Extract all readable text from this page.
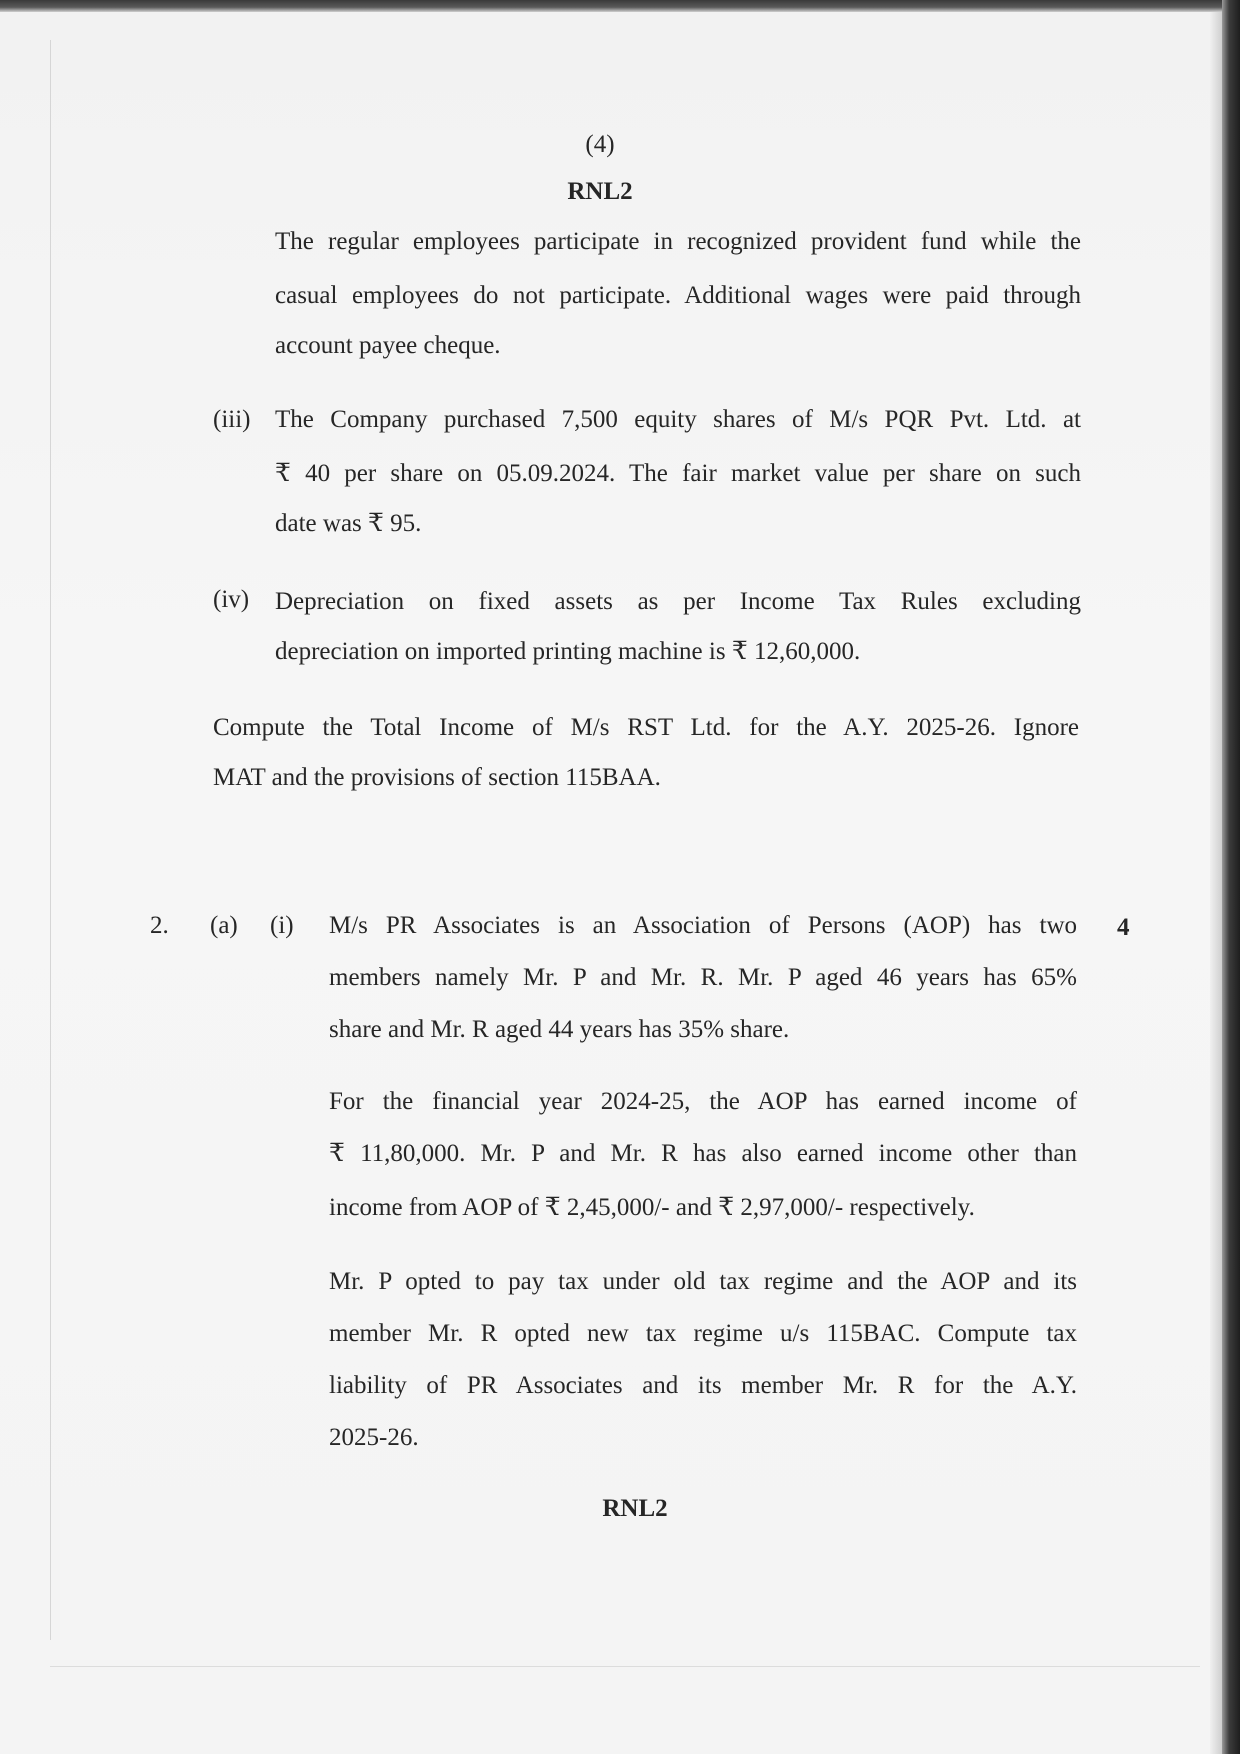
(4)
RNL2
The regular employees participate in recognized provident fund while the
casual employees do not participate. Additional wages were paid through
account payee cheque.
(iii) The Company purchased 7,500 equity shares of M/s PQR Pvt. Ltd. at
₹ 40 per share on 05.09.2024. The fair market value per share on such
date was ₹ 95.
(iv) Depreciation on fixed assets as per Income Tax Rules excluding
depreciation on imported printing machine is ₹ 12,60,000.
Compute the Total Income of M/s RST Ltd. for the A.Y. 2025-26. Ignore
MAT and the provisions of section 115BAA.
2. (a) (i)	4
M/s PR Associates is an Association of Persons (AOP) has two
members namely Mr. P and Mr. R. Mr. P aged 46 years has 65%
share and Mr. R aged 44 years has 35% share.
For the financial year 2024-25, the AOP has earned income of
₹ 11,80,000. Mr. P and Mr. R has also earned income other than
income from AOP of ₹ 2,45,000/- and ₹ 2,97,000/- respectively.
Mr. P opted to pay tax under old tax regime and the AOP and its
member Mr. R opted new tax regime u/s 115BAC. Compute tax
liability of PR Associates and its member Mr. R for the A.Y.
2025-26.
RNL2
